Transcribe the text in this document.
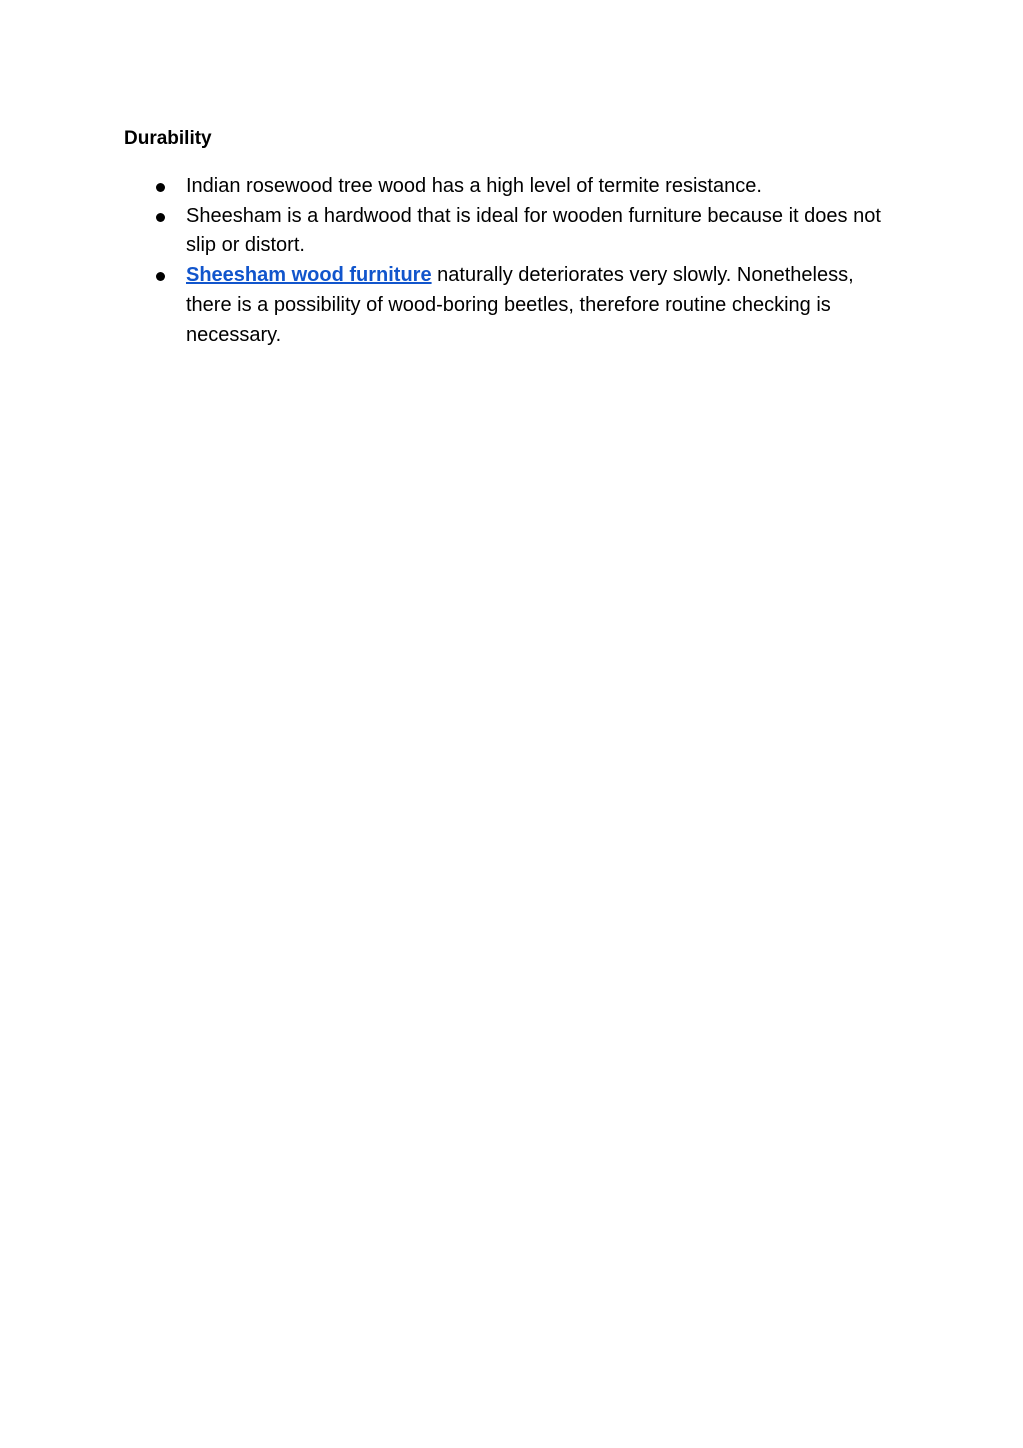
Durability
Indian rosewood tree wood has a high level of termite resistance.
Sheesham is a hardwood that is ideal for wooden furniture because it does not slip or distort.
Sheesham wood furniture naturally deteriorates very slowly. Nonetheless, there is a possibility of wood-boring beetles, therefore routine checking is necessary.
